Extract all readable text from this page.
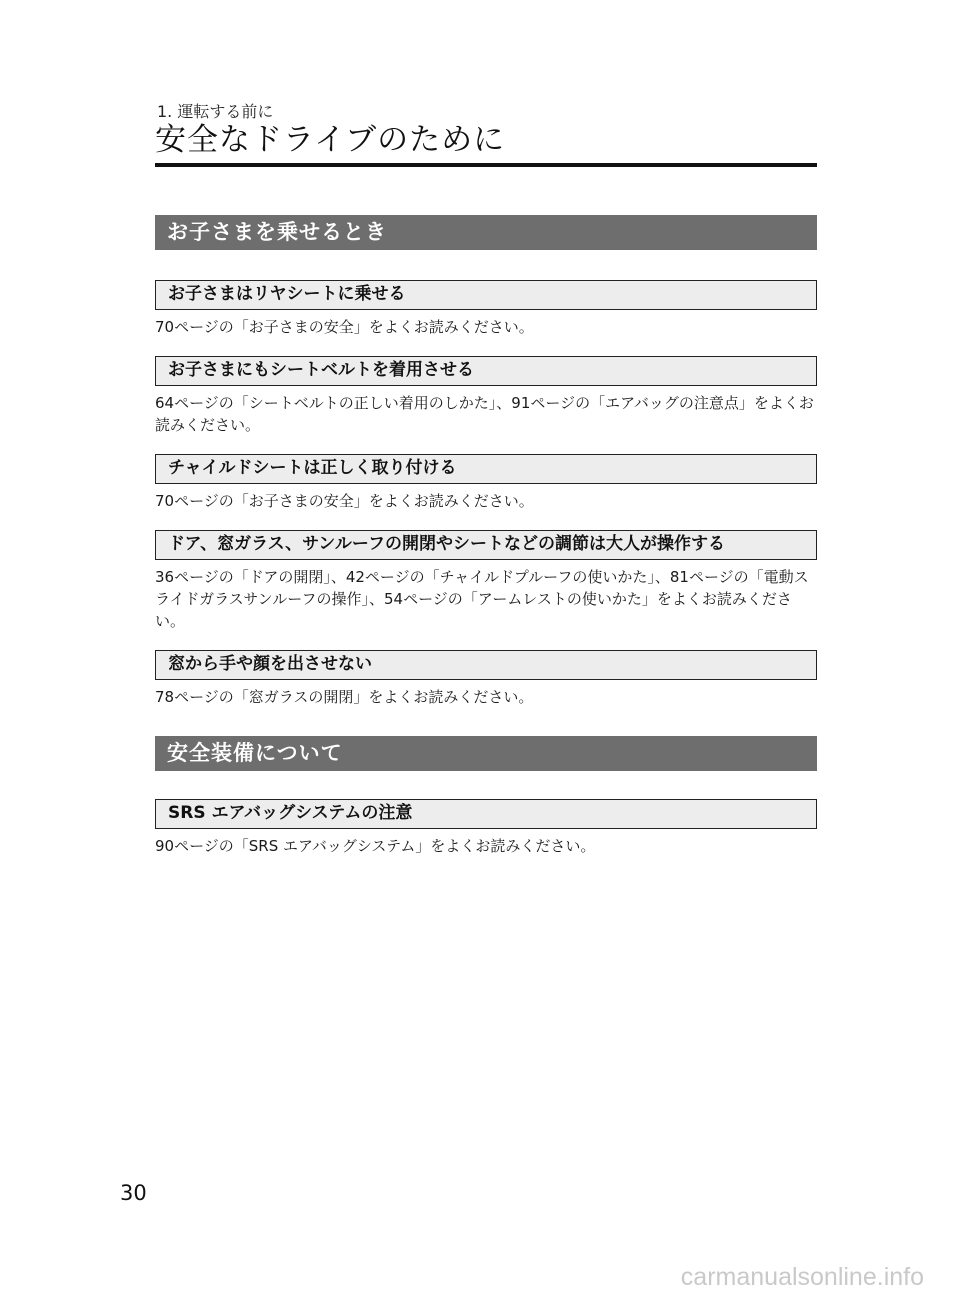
1. 運転する前に
安全なドライブのために
お子さまを乗せるとき
お子さまはリヤシートに乗せる
70ページの「お子さまの安全」をよくお読みください。
お子さまにもシートベルトを着用させる
64ページの「シートベルトの正しい着用のしかた」、91ページの「エアバッグの注意点」をよくお読みください。
チャイルドシートは正しく取り付ける
70ページの「お子さまの安全」をよくお読みください。
ドア、窓ガラス、サンルーフの開閉やシートなどの調節は大人が操作する
36ページの「ドアの開閉」、42ページの「チャイルドプルーフの使いかた」、81ページの「電動スライドガラスサンルーフの操作」、54ページの「アームレストの使いかた」をよくお読みください。
窓から手や顔を出させない
78ページの「窓ガラスの開閉」をよくお読みください。
安全装備について
SRS エアバッグシステムの注意
90ページの「SRS エアバッグシステム」をよくお読みください。
30
carmanualsonline.info
